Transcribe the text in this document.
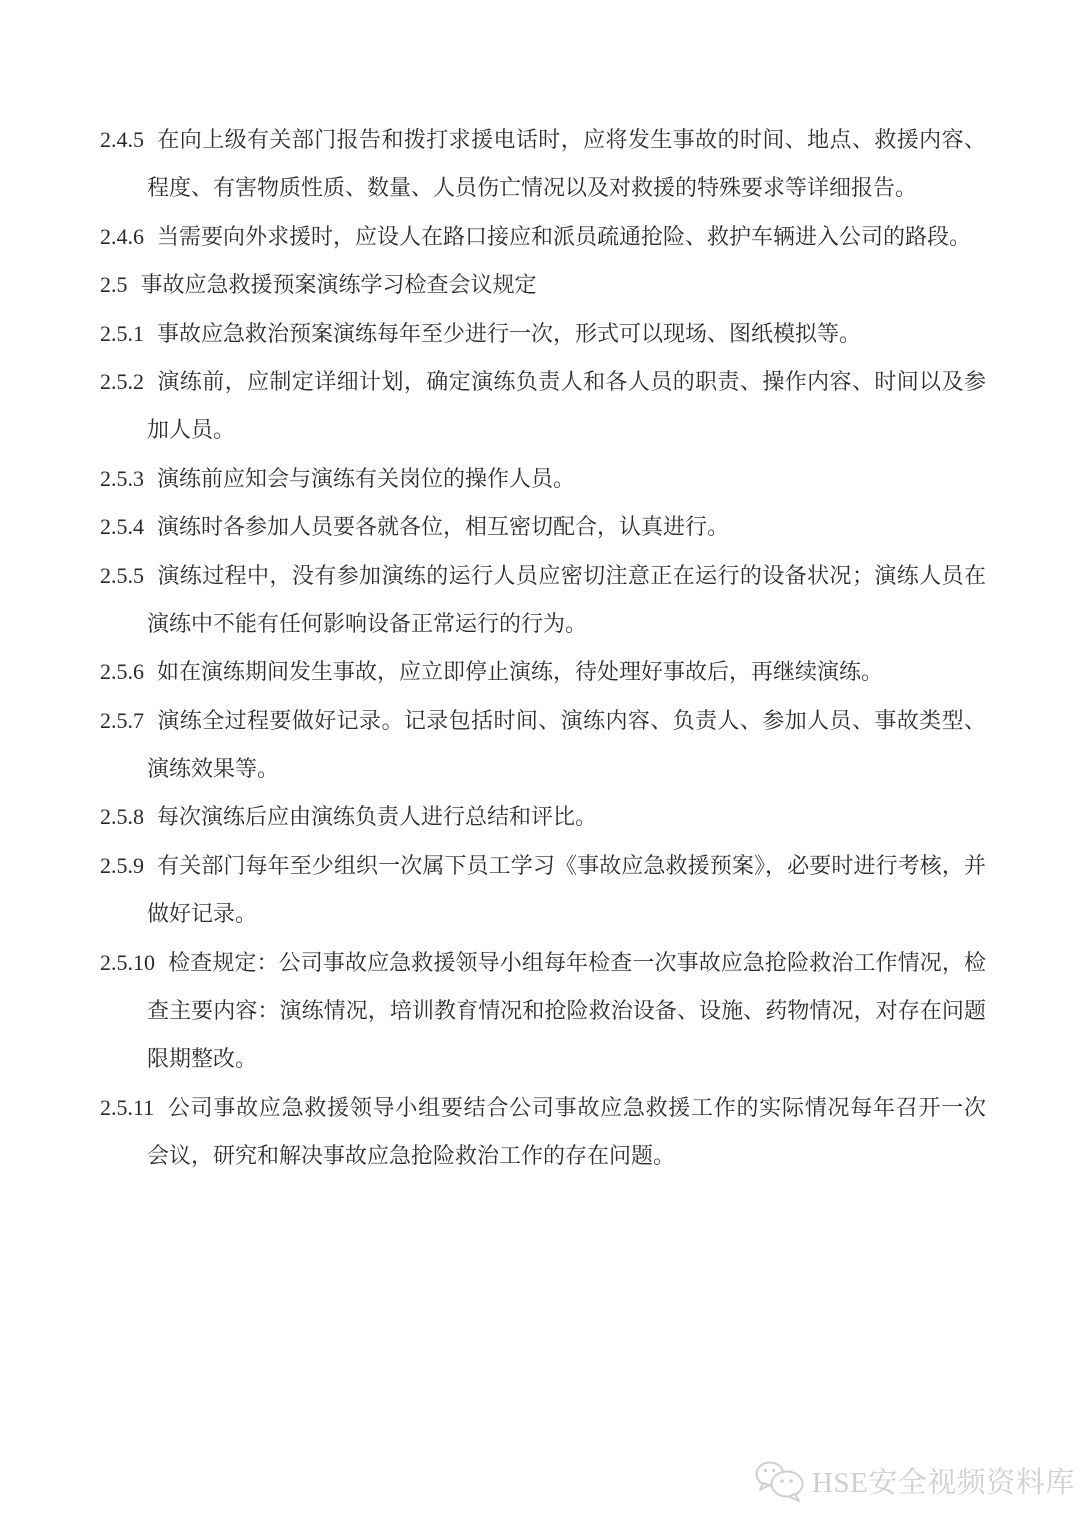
2.4.5 在向上级有关部门报告和拨打求援电话时，应将发生事故的时间、地点、救援内容、
程度、有害物质性质、数量、人员伤亡情况以及对救援的特殊要求等详细报告。
2.4.6 当需要向外求援时，应设人在路口接应和派员疏通抢险、救护车辆进入公司的路段。
2.5 事故应急救援预案演练学习检查会议规定
2.5.1 事故应急救治预案演练每年至少进行一次，形式可以现场、图纸模拟等。
2.5.2 演练前，应制定详细计划，确定演练负责人和各人员的职责、操作内容、时间以及参
加人员。
2.5.3 演练前应知会与演练有关岗位的操作人员。
2.5.4 演练时各参加人员要各就各位，相互密切配合，认真进行。
2.5.5 演练过程中，没有参加演练的运行人员应密切注意正在运行的设备状况；演练人员在
演练中不能有任何影响设备正常运行的行为。
2.5.6 如在演练期间发生事故，应立即停止演练，待处理好事故后，再继续演练。
2.5.7 演练全过程要做好记录。记录包括时间、演练内容、负责人、参加人员、事故类型、
演练效果等。
2.5.8 每次演练后应由演练负责人进行总结和评比。
2.5.9 有关部门每年至少组织一次属下员工学习《事故应急救援预案》，必要时进行考核，并
做好记录。
2.5.10 检查规定：公司事故应急救援领导小组每年检查一次事故应急抢险救治工作情况，检
查主要内容：演练情况，培训教育情况和抢险救治设备、设施、药物情况，对存在问题
限期整改。
2.5.11 公司事故应急救援领导小组要结合公司事故应急救援工作的实际情况每年召开一次
会议，研究和解决事故应急抢险救治工作的存在问题。
HSE安全视频资料库
